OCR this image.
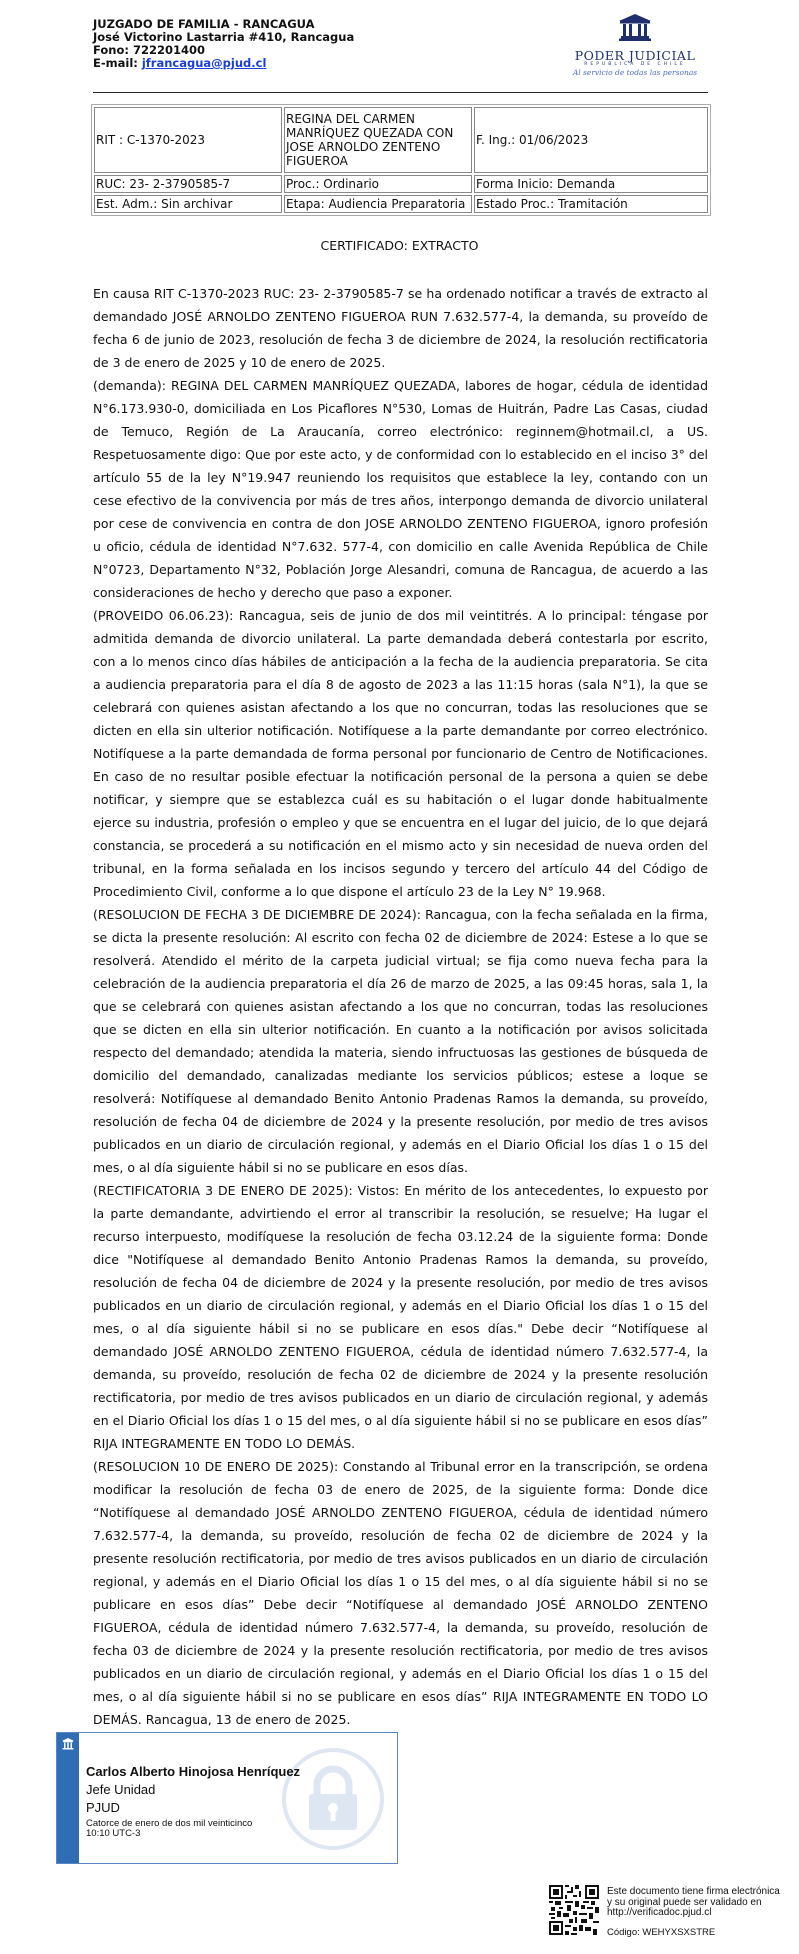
JUZGADO DE FAMILIA - RANCAGUA
José Victorino Lastarria #410, Rancagua
Fono: 722201400
E-mail: jfrancagua@pjud.cl	PODER JUDICIAL
REPUBLICA DE CHILE
Al servicio de todas las personas
RIT : C-1370-2023	REGINA DEL CARMEN MANRÍQUEZ QUEZADA CON JOSE ARNOLDO ZENTENO FIGUEROA	F. Ing.: 01/06/2023
RUC: 23- 2-3790585-7	Proc.: Ordinario	Forma Inicio: Demanda
Est. Adm.: Sin archivar	Etapa: Audiencia Preparatoria	Estado Proc.: Tramitación
CERTIFICADO: EXTRACTO

En causa RIT C-1370-2023 RUC: 23- 2-3790585-7 se ha ordenado notificar a través de extracto al demandado JOSÉ ARNOLDO ZENTENO FIGUEROA RUN 7.632.577-4, la demanda, su proveído de fecha 6 de junio de 2023, resolución de fecha 3 de diciembre de 2024, la resolución rectificatoria de 3 de enero de 2025 y 10 de enero de 2025.

(demanda): REGINA DEL CARMEN MANRÍQUEZ QUEZADA, labores de hogar, cédula de identidad N°6.173.930-0, domiciliada en Los Picaflores N°530, Lomas de Huitrán, Padre Las Casas, ciudad de Temuco, Región de La Araucanía, correo electrónico: reginnem@hotmail.cl, a US. Respetuosamente digo: Que por este acto, y de conformidad con lo establecido en el inciso 3° del artículo 55 de la ley N°19.947 reuniendo los requisitos que establece la ley, contando con un cese efectivo de la convivencia por más de tres años, interpongo demanda de divorcio unilateral por cese de convivencia en contra de don JOSE ARNOLDO ZENTENO FIGUEROA, ignoro profesión u oficio, cédula de identidad N°7.632. 577-4, con domicilio en calle Avenida República de Chile N°0723, Departamento N°32, Población Jorge Alesandri, comuna de Rancagua, de acuerdo a las consideraciones de hecho y derecho que paso a exponer.

(PROVEIDO 06.06.23): Rancagua, seis de junio de dos mil veintitrés. A lo principal: téngase por admitida demanda de divorcio unilateral. La parte demandada deberá contestarla por escrito, con a lo menos cinco días hábiles de anticipación a la fecha de la audiencia preparatoria. Se cita a audiencia preparatoria para el día 8 de agosto de 2023 a las 11:15 horas (sala N°1), la que se celebrará con quienes asistan afectando a los que no concurran, todas las resoluciones que se dicten en ella sin ulterior notificación. Notifíquese a la parte demandante por correo electrónico. Notifíquese a la parte demandada de forma personal por funcionario de Centro de Notificaciones. En caso de no resultar posible efectuar la notificación personal de la persona a quien se debe notificar, y siempre que se establezca cuál es su habitación o el lugar donde habitualmente ejerce su industria, profesión o empleo y que se encuentra en el lugar del juicio, de lo que dejará constancia, se procederá a su notificación en el mismo acto y sin necesidad de nueva orden del tribunal, en la forma señalada en los incisos segundo y tercero del artículo 44 del Código de Procedimiento Civil, conforme a lo que dispone el artículo 23 de la Ley N° 19.968.

(RESOLUCION DE FECHA 3 DE DICIEMBRE DE 2024): Rancagua, con la fecha señalada en la firma, se dicta la presente resolución: Al escrito con fecha 02 de diciembre de 2024: Estese a lo que se resolverá. Atendido el mérito de la carpeta judicial virtual; se fija como nueva fecha para la celebración de la audiencia preparatoria el día 26 de marzo de 2025, a las 09:45 horas, sala 1, la que se celebrará con quienes asistan afectando a los que no concurran, todas las resoluciones que se dicten en ella sin ulterior notificación. En cuanto a la notificación por avisos solicitada respecto del demandado; atendida la materia, siendo infructuosas las gestiones de búsqueda de domicilio del demandado, canalizadas mediante los servicios públicos; estese a loque se resolverá: Notifíquese al demandado Benito Antonio Pradenas Ramos la demanda, su proveído, resolución de fecha 04 de diciembre de 2024 y la presente resolución, por medio de tres avisos publicados en un diario de circulación regional, y además en el Diario Oficial los días 1 o 15 del mes, o al día siguiente hábil si no se publicare en esos días.

(RECTIFICATORIA 3 DE ENERO DE 2025): Vistos: En mérito de los antecedentes, lo expuesto por la parte demandante, advirtiendo el error al transcribir la resolución, se resuelve; Ha lugar el recurso interpuesto, modifíquese la resolución de fecha 03.12.24 de la siguiente forma: Donde dice "Notifíquese al demandado Benito Antonio Pradenas Ramos la demanda, su proveído, resolución de fecha 04 de diciembre de 2024 y la presente resolución, por medio de tres avisos publicados en un diario de circulación regional, y además en el Diario Oficial los días 1 o 15 del mes, o al día siguiente hábil si no se publicare en esos días." Debe decir “Notifíquese al demandado JOSÉ ARNOLDO ZENTENO FIGUEROA, cédula de identidad número 7.632.577-4, la demanda, su proveído, resolución de fecha 02 de diciembre de 2024 y la presente resolución rectificatoria, por medio de tres avisos publicados en un diario de circulación regional, y además en el Diario Oficial los días 1 o 15 del mes, o al día siguiente hábil si no se publicare en esos días” RIJA INTEGRAMENTE EN TODO LO DEMÁS.

(RESOLUCION 10 DE ENERO DE 2025): Constando al Tribunal error en la transcripción, se ordena modificar la resolución de fecha 03 de enero de 2025, de la siguiente forma: Donde dice “Notifíquese al demandado JOSÉ ARNOLDO ZENTENO FIGUEROA, cédula de identidad número 7.632.577-4, la demanda, su proveído, resolución de fecha 02 de diciembre de 2024 y la presente resolución rectificatoria, por medio de tres avisos publicados en un diario de circulación regional, y además en el Diario Oficial los días 1 o 15 del mes, o al día siguiente hábil si no se publicare en esos días” Debe decir “Notifíquese al demandado JOSÉ ARNOLDO ZENTENO FIGUEROA, cédula de identidad número 7.632.577-4, la demanda, su proveído, resolución de fecha 03 de diciembre de 2024 y la presente resolución rectificatoria, por medio de tres avisos publicados en un diario de circulación regional, y además en el Diario Oficial los días 1 o 15 del mes, o al día siguiente hábil si no se publicare en esos días” RIJA INTEGRAMENTE EN TODO LO DEMÁS. Rancagua, 13 de enero de 2025.

Carlos Alberto Hinojosa Henríquez
Jefe Unidad
PJUD
Catorce de enero de dos mil veinticinco
10:10 UTC-3
Este documento tiene firma electrónica
y su original puede ser validado en
http://verificadoc.pjud.cl
Código: WEHYXSXSTRE
